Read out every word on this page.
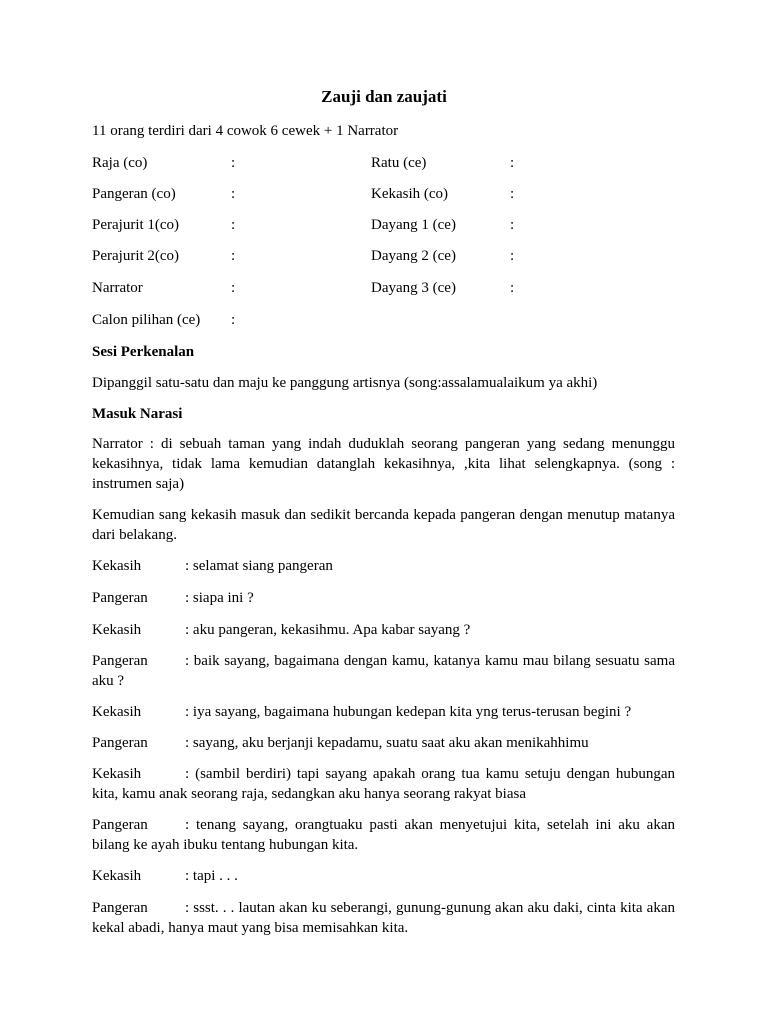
Zauji dan zaujati
11 orang terdiri dari 4 cowok 6 cewek + 1 Narrator
Raja (co)	:	Ratu (ce)	:
Pangeran (co)	:	Kekasih (co)	:
Perajurit 1(co)	:	Dayang 1 (ce)	:
Perajurit 2(co)	:	Dayang 2 (ce)	:
Narrator	:	Dayang 3 (ce)	:
Calon pilihan (ce) :
Sesi Perkenalan
Dipanggil satu-satu dan maju ke panggung artisnya (song:assalamualaikum ya akhi)
Masuk Narasi
Narrator : di sebuah taman yang indah duduklah seorang pangeran yang sedang menunggu kekasihnya, tidak lama kemudian datanglah kekasihnya, ,kita lihat selengkapnya. (song : instrumen saja)
Kemudian sang kekasih masuk dan sedikit bercanda kepada pangeran dengan menutup matanya dari belakang.
Kekasih	: selamat siang pangeran
Pangeran : siapa ini ?
Kekasih	: aku pangeran, kekasihmu. Apa kabar sayang ?
Pangeran : baik sayang, bagaimana dengan kamu, katanya kamu mau bilang sesuatu sama aku ?
Kekasih	: iya sayang, bagaimana hubungan kedepan kita yng terus-terusan begini ?
Pangeran : sayang, aku berjanji kepadamu, suatu saat aku akan menikahhimu
Kekasih	: (sambil berdiri) tapi sayang apakah orang tua kamu setuju dengan hubungan kita, kamu anak seorang raja, sedangkan aku hanya seorang rakyat biasa
Pangeran : tenang sayang, orangtuaku pasti akan menyetujui kita, setelah ini aku akan bilang ke ayah ibuku tentang hubungan kita.
Kekasih	: tapi . . .
Pangeran : ssst. . . lautan akan ku seberangi, gunung-gunung akan aku daki, cinta kita akan kekal abadi, hanya maut yang bisa memisahkan kita.
